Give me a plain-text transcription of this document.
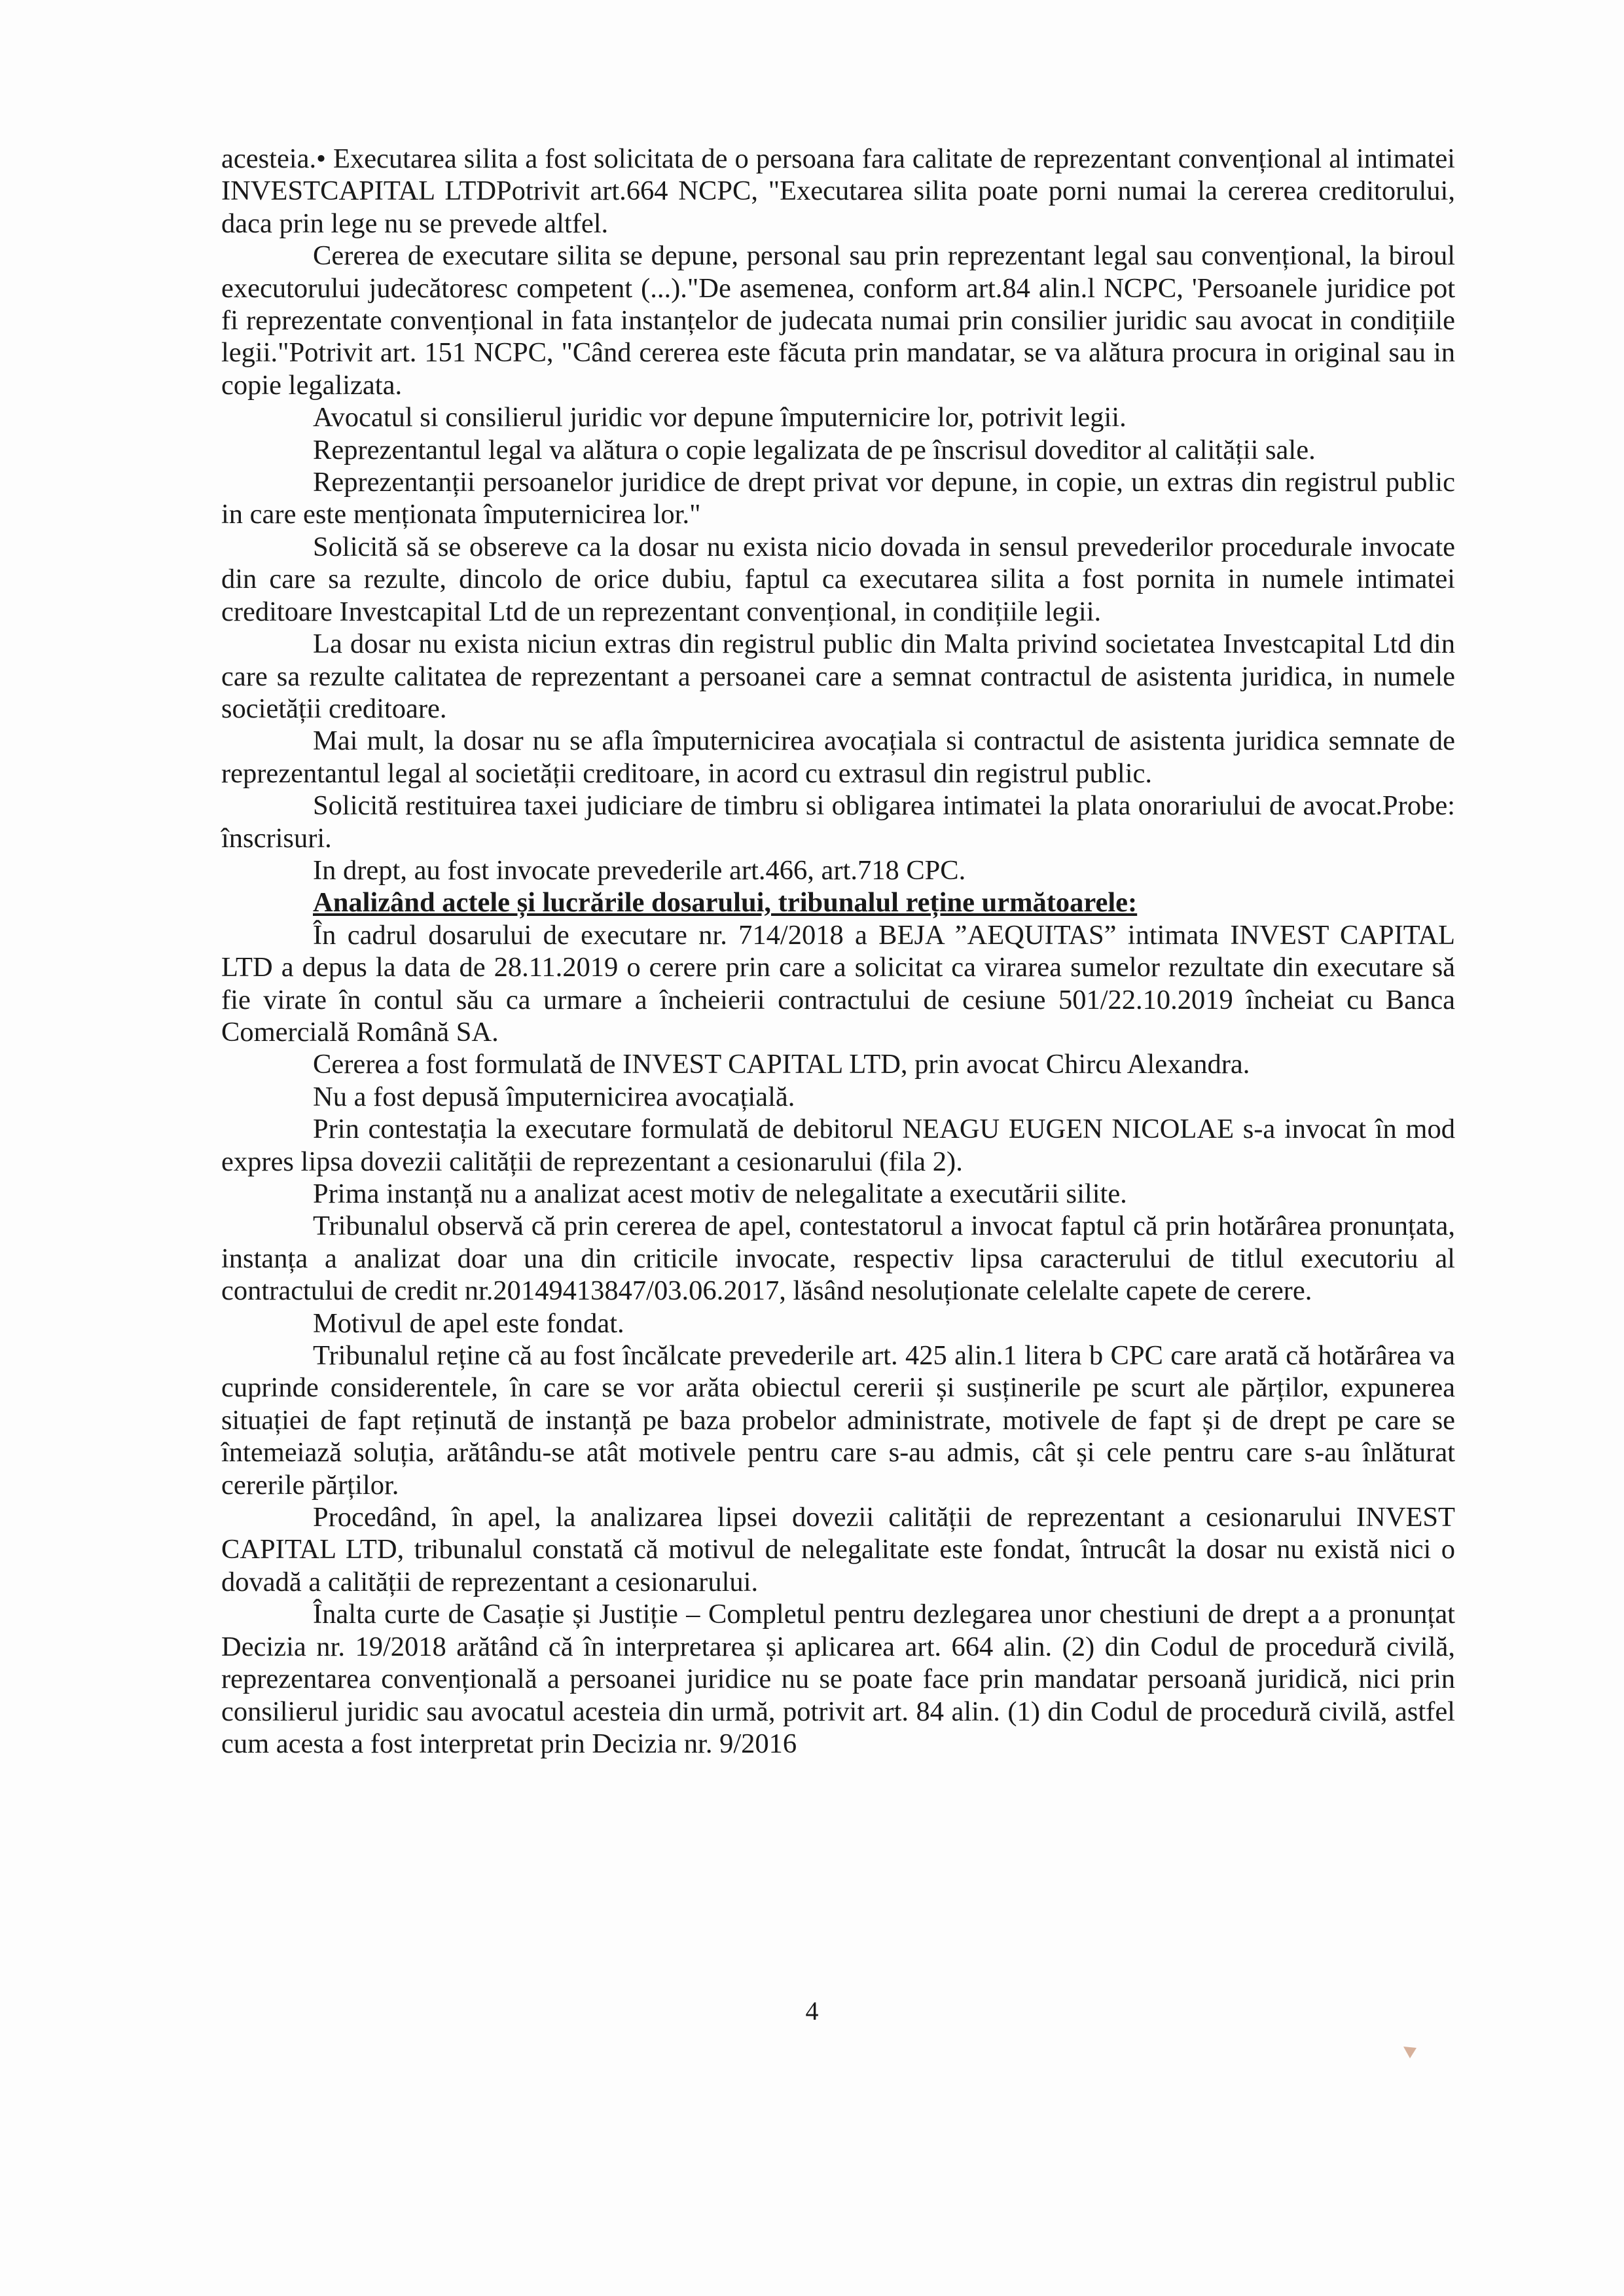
acesteia.• Executarea silita a fost solicitata de o persoana fara calitate de reprezentant convențional al intimatei INVESTCAPITAL LTDPotrivit art.664 NCPC, "Executarea silita poate porni numai la cererea creditorului, daca prin lege nu se prevede altfel.

Cererea de executare silita se depune, personal sau prin reprezentant legal sau convențional, la biroul executorului judecătoresc competent (...)."De asemenea, conform art.84 alin.l NCPC, 'Persoanele juridice pot fi reprezentate convențional in fata instanțelor de judecata numai prin consilier juridic sau avocat in condițiile legii."Potrivit art. 151 NCPC, "Când cererea este făcuta prin mandatar, se va alătura procura in original sau in copie legalizata.

Avocatul si consilierul juridic vor depune împuternicire lor, potrivit legii.

Reprezentantul legal va alătura o copie legalizata de pe înscrisul doveditor al calității sale.

Reprezentanții persoanelor juridice de drept privat vor depune, in copie, un extras din registrul public in care este menționata împuternicirea lor."

Solicită să se obsereve ca la dosar nu exista nicio dovada in sensul prevederilor procedurale invocate din care sa rezulte, dincolo de orice dubiu, faptul ca executarea silita a fost pornita in numele intimatei creditoare Investcapital Ltd de un reprezentant convențional, in condițiile legii.

La dosar nu exista niciun extras din registrul public din Malta privind societatea Investcapital Ltd din care sa rezulte calitatea de reprezentant a persoanei care a semnat contractul de asistenta juridica, in numele societății creditoare.

Mai mult, la dosar nu se afla împuternicirea avocațiala si contractul de asistenta juridica semnate de reprezentantul legal al societății creditoare, in acord cu extrasul din registrul public.

Solicită restituirea taxei judiciare de timbru si obligarea intimatei la plata onorariului de avocat.Probe: înscrisuri.

In drept, au fost invocate prevederile art.466, art.718 CPC.

Analizând actele și lucrările dosarului, tribunalul reține următoarele:

În cadrul dosarului de executare nr. 714/2018 a BEJA ”AEQUITAS” intimata INVEST CAPITAL LTD a depus la data de 28.11.2019 o cerere prin care a solicitat ca virarea sumelor rezultate din executare să fie virate în contul său ca urmare a încheierii contractului de cesiune 501/22.10.2019 încheiat cu Banca Comercială Română SA.

Cererea a fost formulată de INVEST CAPITAL LTD, prin avocat Chircu Alexandra.

Nu a fost depusă împuternicirea avocațială.

Prin contestația la executare formulată de debitorul NEAGU EUGEN NICOLAE s-a invocat în mod expres lipsa dovezii calității de reprezentant a cesionarului (fila 2).

Prima instanță nu a analizat acest motiv de nelegalitate a executării silite.

Tribunalul observă că prin cererea de apel, contestatorul a invocat faptul că prin hotărârea pronunțata, instanța a analizat doar una din criticile invocate, respectiv lipsa caracterului de titlul executoriu al contractului de credit nr.20149413847/03.06.2017, lăsând nesoluționate celelalte capete de cerere.

Motivul de apel este fondat.

Tribunalul reține că au fost încălcate prevederile art. 425 alin.1 litera b CPC care arată că hotărârea va cuprinde considerentele, în care se vor arăta obiectul cererii și susținerile pe scurt ale părților, expunerea situației de fapt reținută de instanță pe baza probelor administrate, motivele de fapt și de drept pe care se întemeiază soluția, arătându-se atât motivele pentru care s-au admis, cât și cele pentru care s-au înlăturat cererile părților.

Procedând, în apel, la analizarea lipsei dovezii calității de reprezentant a cesionarului INVEST CAPITAL LTD, tribunalul constată că motivul de nelegalitate este fondat, întrucât la dosar nu există nici o dovadă a calității de reprezentant a cesionarului.

Înalta curte de Casație și Justiție – Completul pentru dezlegarea unor chestiuni de drept a a pronunțat Decizia nr. 19/2018 arătând că în interpretarea și aplicarea art. 664 alin. (2) din Codul de procedură civilă, reprezentarea convențională a persoanei juridice nu se poate face prin mandatar persoană juridică, nici prin consilierul juridic sau avocatul acesteia din urmă, potrivit art. 84 alin. (1) din Codul de procedură civilă, astfel cum acesta a fost interpretat prin Decizia nr. 9/2016

4
